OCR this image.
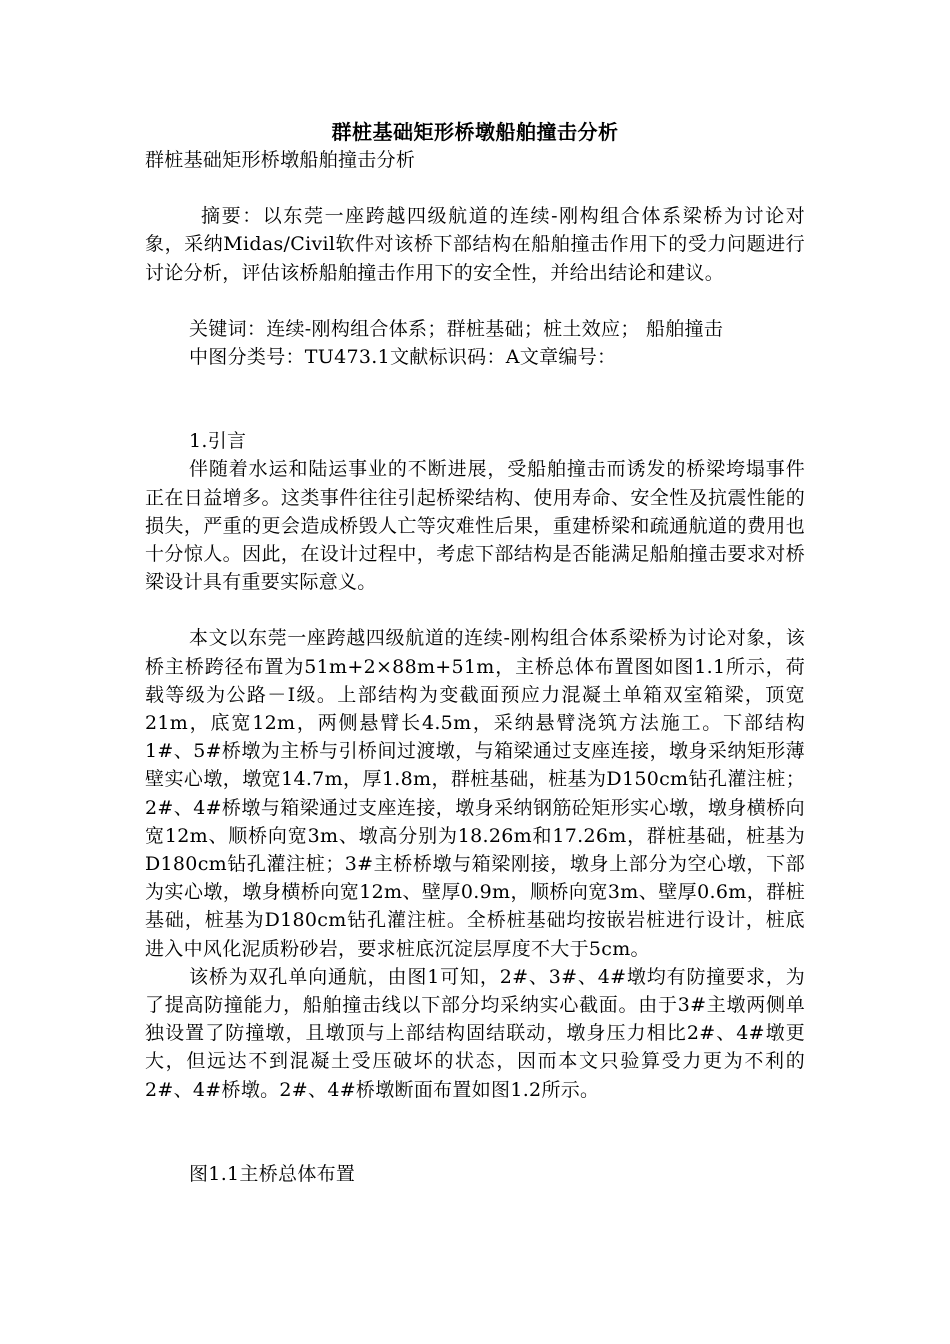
群桩基础矩形桥墩船舶撞击分析

群桩基础矩形桥墩船舶撞击分析

摘要：以东莞一座跨越四级航道的连续-刚构组合体系梁桥为讨论对象，采纳Midas/Civil软件对该桥下部结构在船舶撞击作用下的受力问题进行讨论分析，评估该桥船舶撞击作用下的安全性，并给出结论和建议。

关键词：连续-刚构组合体系；群桩基础；桩土效应； 船舶撞击

中图分类号：TU473.1文献标识码：A文章编号：

1.引言

伴随着水运和陆运事业的不断进展，受船舶撞击而诱发的桥梁垮塌事件正在日益增多。这类事件往往引起桥梁结构、使用寿命、安全性及抗震性能的损失，严重的更会造成桥毁人亡等灾难性后果，重建桥梁和疏通航道的费用也十分惊人。因此，在设计过程中，考虑下部结构是否能满足船舶撞击要求对桥梁设计具有重要实际意义。

本文以东莞一座跨越四级航道的连续-刚构组合体系梁桥为讨论对象，该桥主桥跨径布置为51m+2×88m+51m，主桥总体布置图如图1.1所示，荷载等级为公路－Ⅰ级。上部结构为变截面预应力混凝土单箱双室箱梁，顶宽21m，底宽12m，两侧悬臂长4.5m，采纳悬臂浇筑方法施工。下部结构1#、5#桥墩为主桥与引桥间过渡墩，与箱梁通过支座连接，墩身采纳矩形薄壁实心墩，墩宽14.7m，厚1.8m，群桩基础，桩基为D150cm钻孔灌注桩；2#、4#桥墩与箱梁通过支座连接，墩身采纳钢筋砼矩形实心墩，墩身横桥向宽12m、顺桥向宽3m、墩高分别为18.26m和17.26m，群桩基础，桩基为D180cm钻孔灌注桩；3#主桥桥墩与箱梁刚接，墩身上部分为空心墩，下部为实心墩，墩身横桥向宽12m、壁厚0.9m，顺桥向宽3m、壁厚0.6m，群桩基础，桩基为D180cm钻孔灌注桩。全桥桩基础均按嵌岩桩进行设计，桩底进入中风化泥质粉砂岩，要求桩底沉淀层厚度不大于5cm。

该桥为双孔单向通航，由图1可知，2#、3#、4#墩均有防撞要求，为了提高防撞能力，船舶撞击线以下部分均采纳实心截面。由于3#主墩两侧单独设置了防撞墩，且墩顶与上部结构固结联动，墩身压力相比2#、4#墩更大，但远达不到混凝土受压破坏的状态，因而本文只验算受力更为不利的2#、4#桥墩。2#、4#桥墩断面布置如图1.2所示。

图1.1主桥总体布置
